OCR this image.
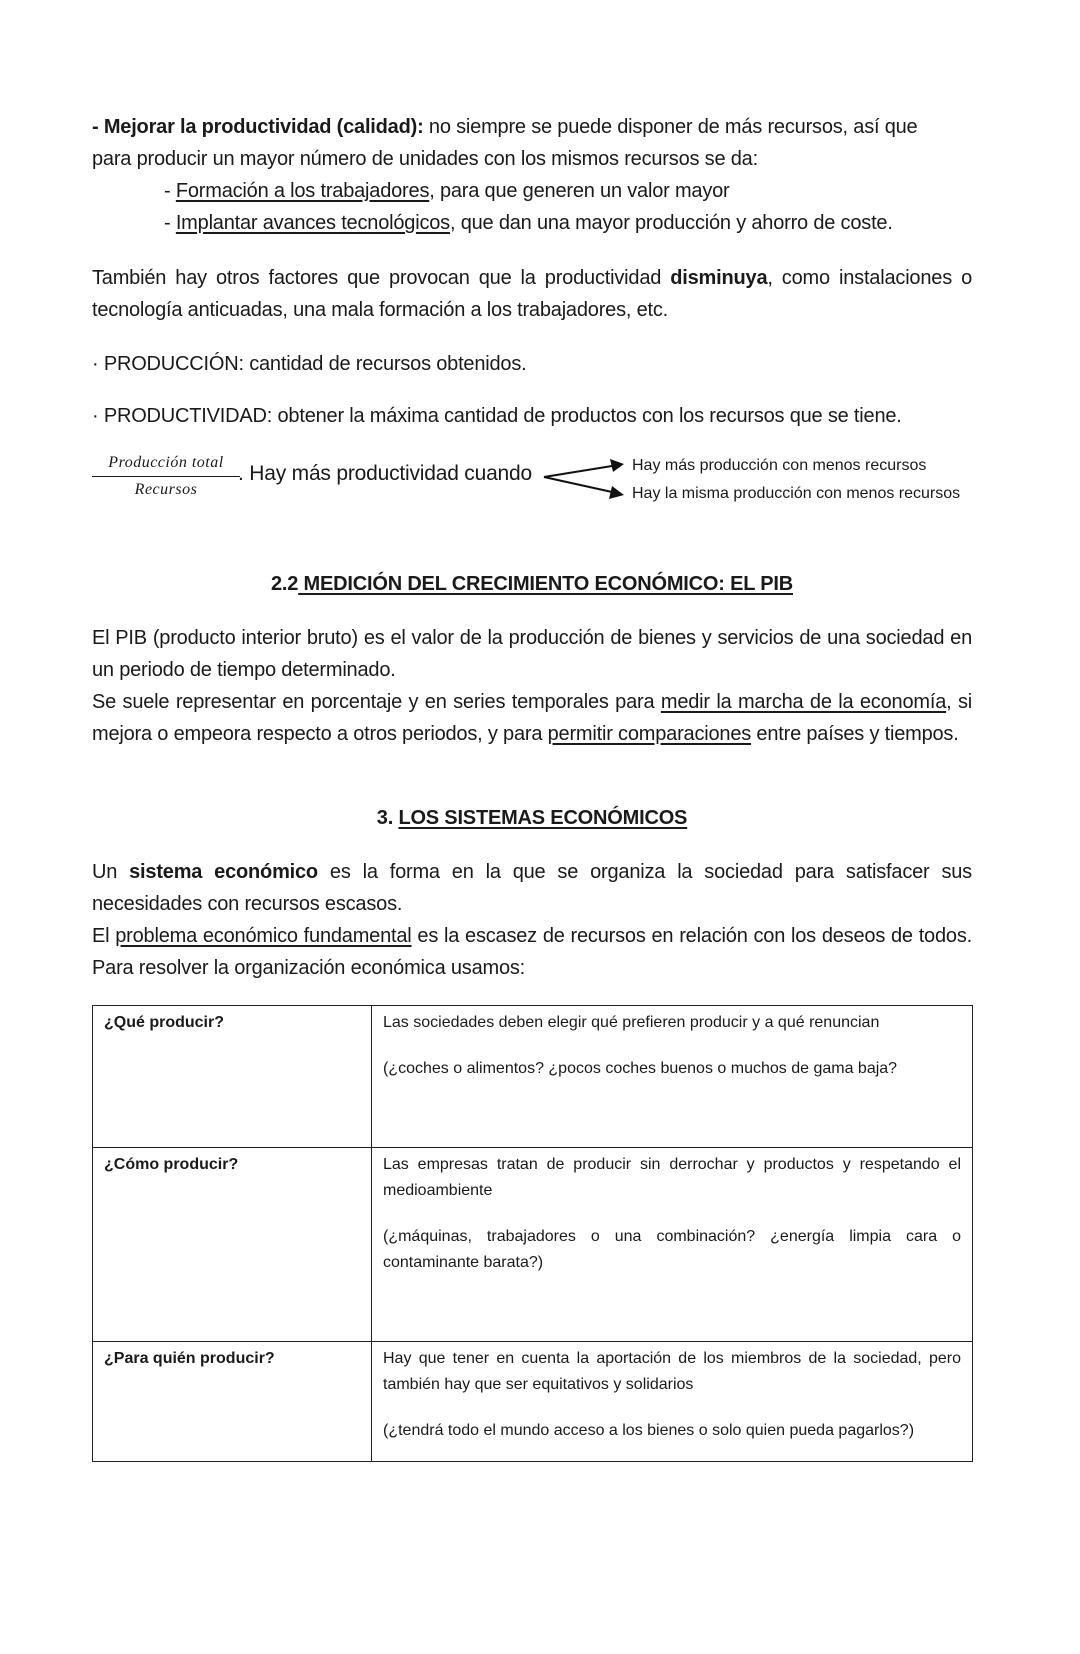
- Mejorar la productividad (calidad): no siempre se puede disponer de más recursos, así que
para producir un mayor número de unidades con los mismos recursos se da:
- Formación a los trabajadores, para que generen un valor mayor
- Implantar avances tecnológicos, que dan una mayor producción y ahorro de coste.
También hay otros factores que provocan que la productividad disminuya, como instalaciones o tecnología anticuadas, una mala formación a los trabajadores, etc.
· PRODUCCIÓN: cantidad de recursos obtenidos.
· PRODUCTIVIDAD: obtener la máxima cantidad de productos con los recursos que se tiene.
Producción total
Recursos
. Hay más productividad cuando	Hay más producción con menos recursos
Hay la misma producción con menos recursos
2.2 MEDICIÓN DEL CRECIMIENTO ECONÓMICO: EL PIB
El PIB (producto interior bruto) es el valor de la producción de bienes y servicios de una sociedad en un periodo de tiempo determinado.
Se suele representar en porcentaje y en series temporales para medir la marcha de la economía, si mejora o empeora respecto a otros periodos, y para permitir comparaciones entre países y tiempos.
3. LOS SISTEMAS ECONÓMICOS
Un sistema económico es la forma en la que se organiza la sociedad para satisfacer sus necesidades con recursos escasos.
El problema económico fundamental es la escasez de recursos en relación con los deseos de todos. Para resolver la organización económica usamos:
¿Qué producir?	Las sociedades deben elegir qué prefieren producir y a qué renuncian

(¿coches o alimentos? ¿pocos coches buenos o muchos de gama baja?

¿Cómo producir?	Las empresas tratan de producir sin derrochar y productos y respetando el medioambiente

(¿máquinas, trabajadores o una combinación? ¿energía limpia cara o contaminante barata?)

¿Para quién producir?	Hay que tener en cuenta la aportación de los miembros de la sociedad, pero también hay que ser equitativos y solidarios

(¿tendrá todo el mundo acceso a los bienes o solo quien pueda pagarlos?)
